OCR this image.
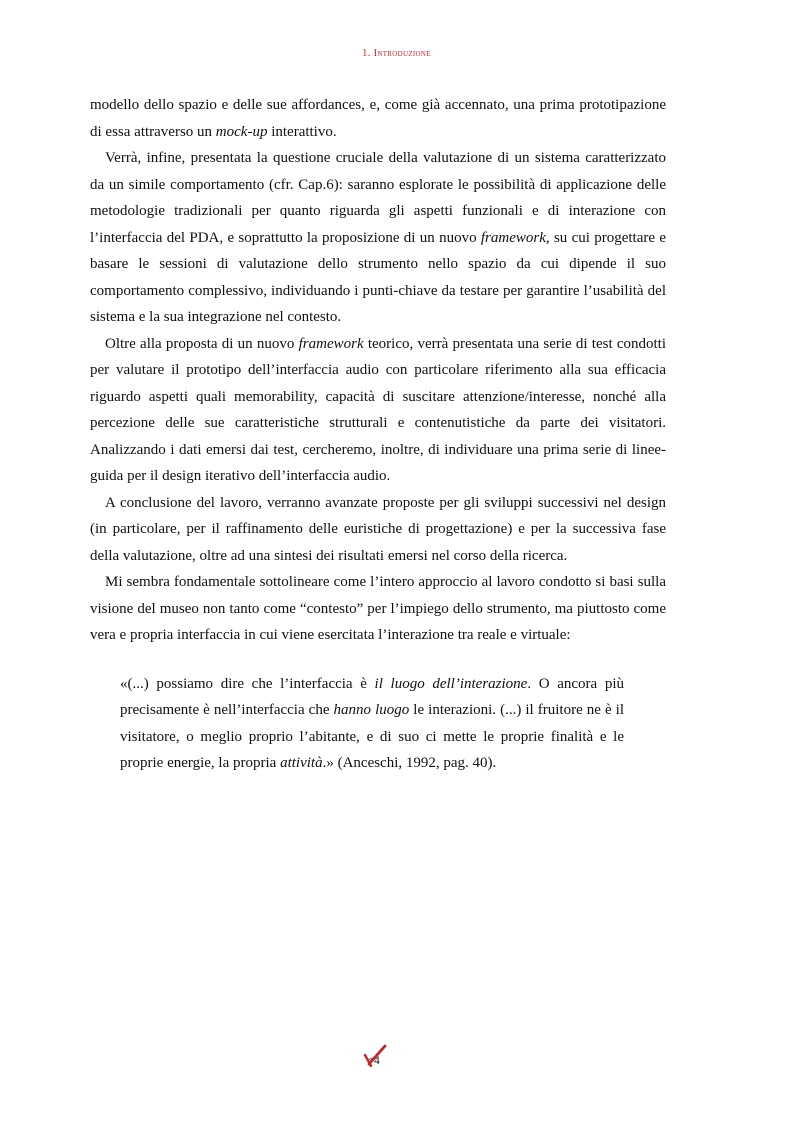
1. Introduzione

modello dello spazio e delle sue affordances, e, come già accennato, una prima prototipazione di essa attraverso un mock-up interattivo.

Verrà, infine, presentata la questione cruciale della valutazione di un sistema caratterizzato da un simile comportamento (cfr. Cap.6): saranno esplorate le possibilità di applicazione delle metodologie tradizionali per quanto riguarda gli aspetti funzionali e di interazione con l’interfaccia del PDA, e soprattutto la proposizione di un nuovo framework, su cui progettare e basare le sessioni di valutazione dello strumento nello spazio da cui dipende il suo comportamento complessivo, individuando i punti-chiave da testare per garantire l’usabilità del sistema e la sua integrazione nel contesto.

Oltre alla proposta di un nuovo framework teorico, verrà presentata una serie di test condotti per valutare il prototipo dell’interfaccia audio con particolare riferimento alla sua efficacia riguardo aspetti quali memorability, capacità di suscitare attenzione/interesse, nonché alla percezione delle sue caratteristiche strutturali e contenutistiche da parte dei visitatori. Analizzando i dati emersi dai test, cercheremo, inoltre, di individuare una prima serie di linee-guida per il design iterativo dell’interfaccia audio.

A conclusione del lavoro, verranno avanzate proposte per gli sviluppi successivi nel design (in particolare, per il raffinamento delle euristiche di progettazione) e per la successiva fase della valutazione, oltre ad una sintesi dei risultati emersi nel corso della ricerca.

Mi sembra fondamentale sottolineare come l’intero approccio al lavoro condotto si basi sulla visione del museo non tanto come “contesto” per l’impiego dello strumento, ma piuttosto come vera e propria interfaccia in cui viene esercitata l’interazione tra reale e virtuale:

«(...) possiamo dire che l’interfaccia è il luogo dell’interazione. O ancora più precisamente è nell’interfaccia che hanno luogo le interazioni. (...) il fruitore ne è il visitatore, o meglio proprio l’abitante, e di suo ci mette le proprie finalità e le proprie energie, la propria attività.» (Anceschi, 1992, pag. 40).
4
